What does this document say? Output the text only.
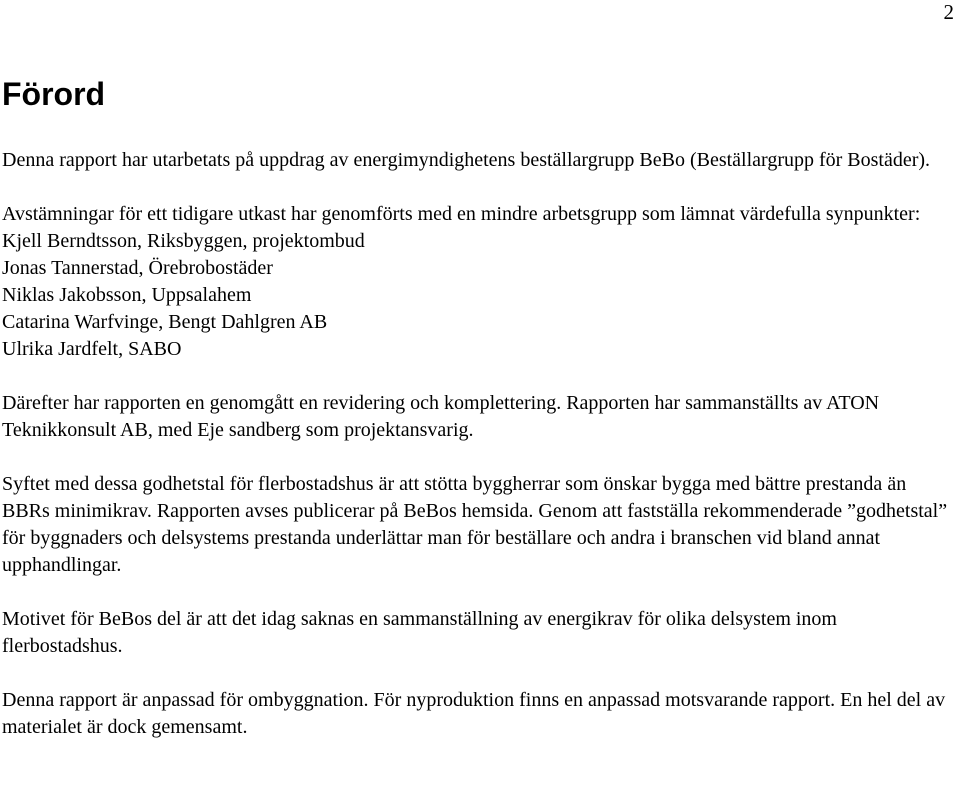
2
Förord

Denna rapport har utarbetats på uppdrag av energimyndighetens beställargrupp BeBo (Beställargrupp för Bostäder).

Avstämningar för ett tidigare utkast har genomförts med en mindre arbetsgrupp som lämnat värdefulla synpunkter:

Kjell Berndtsson, Riksbyggen, projektombud

Jonas Tannerstad, Örebrobostäder

Niklas Jakobsson, Uppsalahem

Catarina Warfvinge, Bengt Dahlgren AB

Ulrika Jardfelt, SABO

Därefter har rapporten en genomgått en revidering och komplettering. Rapporten har sammanställts av ATON Teknikkonsult AB, med Eje sandberg som projektansvarig.

Syftet med dessa godhetstal för flerbostadshus är att stötta byggherrar som önskar bygga med bättre prestanda än BBRs minimikrav. Rapporten avses publicerar på BeBos hemsida. Genom att fastställa rekommenderade ”godhetstal” för byggnaders och delsystems prestanda underlättar man för beställare och andra i branschen vid bland annat upphandlingar.

Motivet för BeBos del är att det idag saknas en sammanställning av energikrav för olika delsystem inom flerbostadshus.

Denna rapport är anpassad för ombyggnation. För nyproduktion finns en anpassad motsvarande rapport. En hel del av materialet är dock gemensamt.
